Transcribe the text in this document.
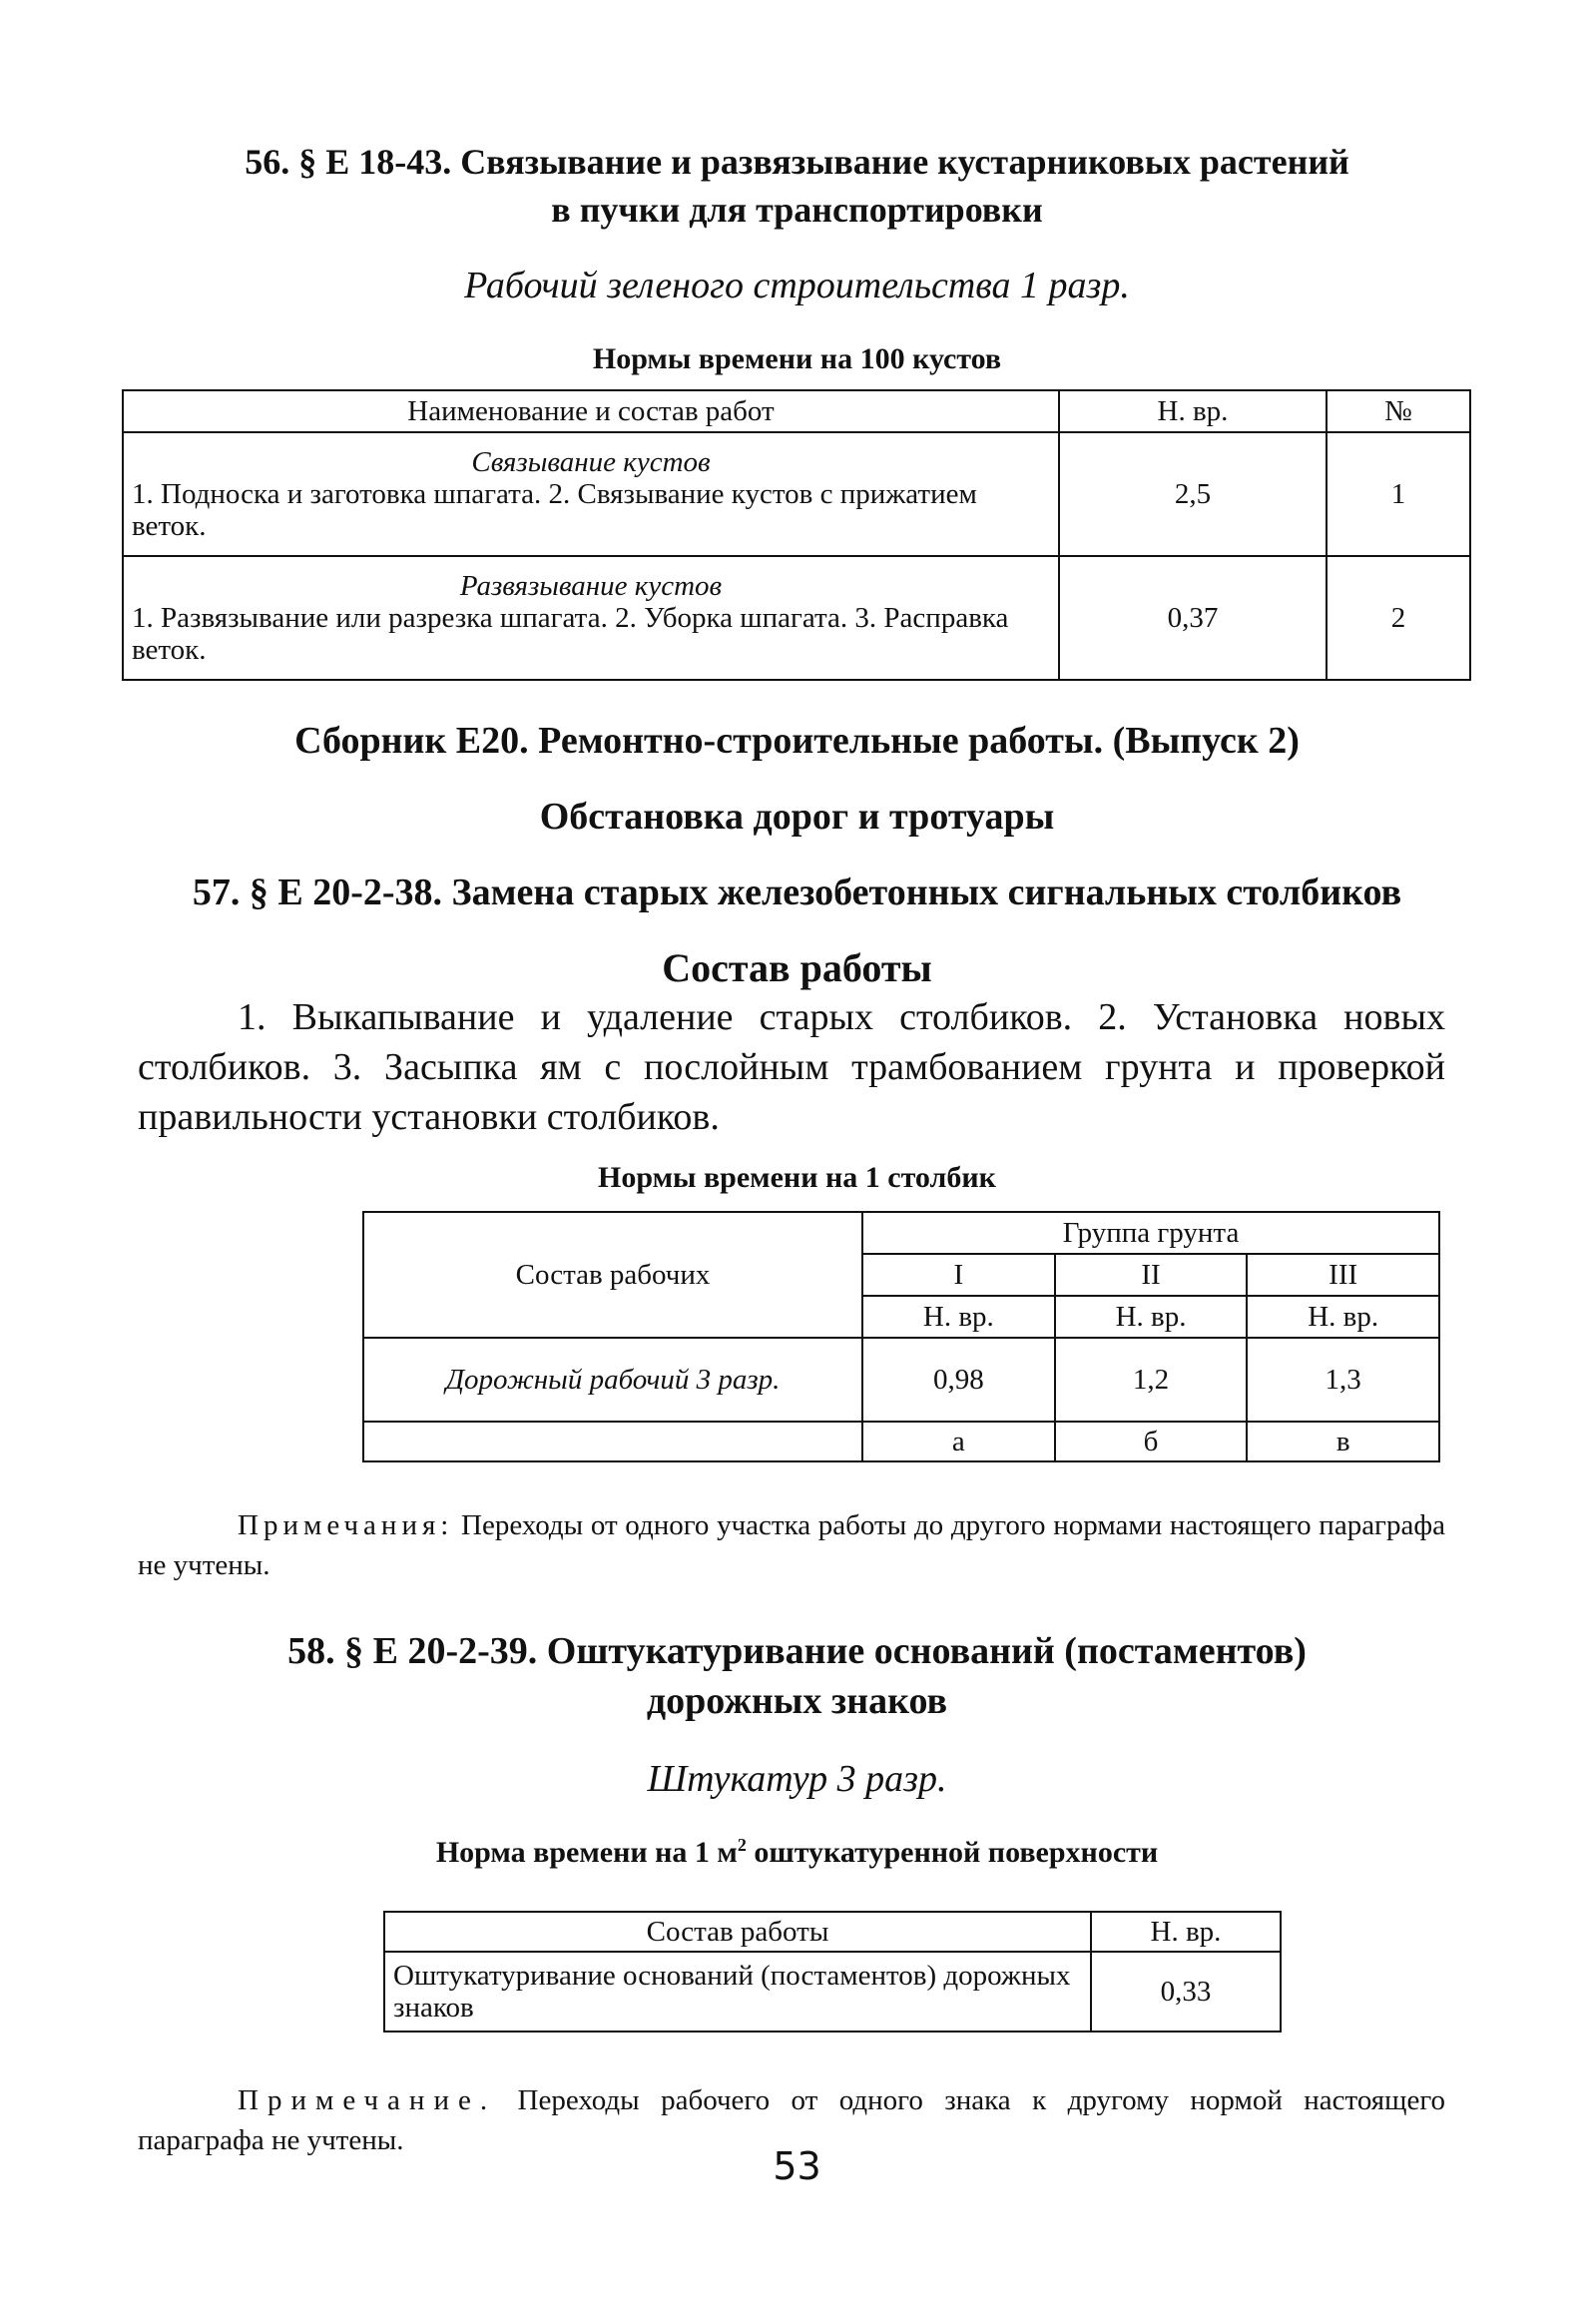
56. § Е 18-43. Связывание и развязывание кустарниковых растений
в пучки для транспортировки
Рабочий зеленого строительства 1 разр.
Нормы времени на 100 кустов
Наименование и состав работ	Н. вр.	№

Связывание кустов
1. Подноска и заготовка шпагата. 2. Связывание кустов с прижатием веток.	2,5	1

Развязывание кустов
1. Развязывание или разрезка шпагата. 2. Уборка шпагата. 3. Расправка веток.	0,37	2
Сборник Е20. Ремонтно-строительные работы. (Выпуск 2)
Обстановка дорог и тротуары
57. § Е 20-2-38. Замена старых железобетонных сигнальных столбиков
Состав работы

1. Выкапывание и удаление старых столбиков. 2. Установка новых столбиков. 3. Засыпка ям с послойным трамбованием грунта и проверкой правильности установки столбиков.

Нормы времени на 1 столбик
Состав рабочих	Группа грунта		
	I	II	III
	Н. вр.	Н. вр.	Н. вр.
Дорожный рабочий 3 разр.	0,98	1,2	1,3
	а	б	в

Примечания: Переходы от одного участка работы до другого нормами настоящего параграфа не учтены.

58. § Е 20-2-39. Оштукатуривание оснований (постаментов)
дорожных знаков
Штукатур 3 разр.
Норма времени на 1 $м^2$ оштукатуренной поверхности
Состав работы	Н. вр.
Оштукатуривание оснований (постаментов) дорожных знаков	0,33

Примечание. Переходы рабочего от одного знака к другому нормой настоящего параграфа не учтены.

53
